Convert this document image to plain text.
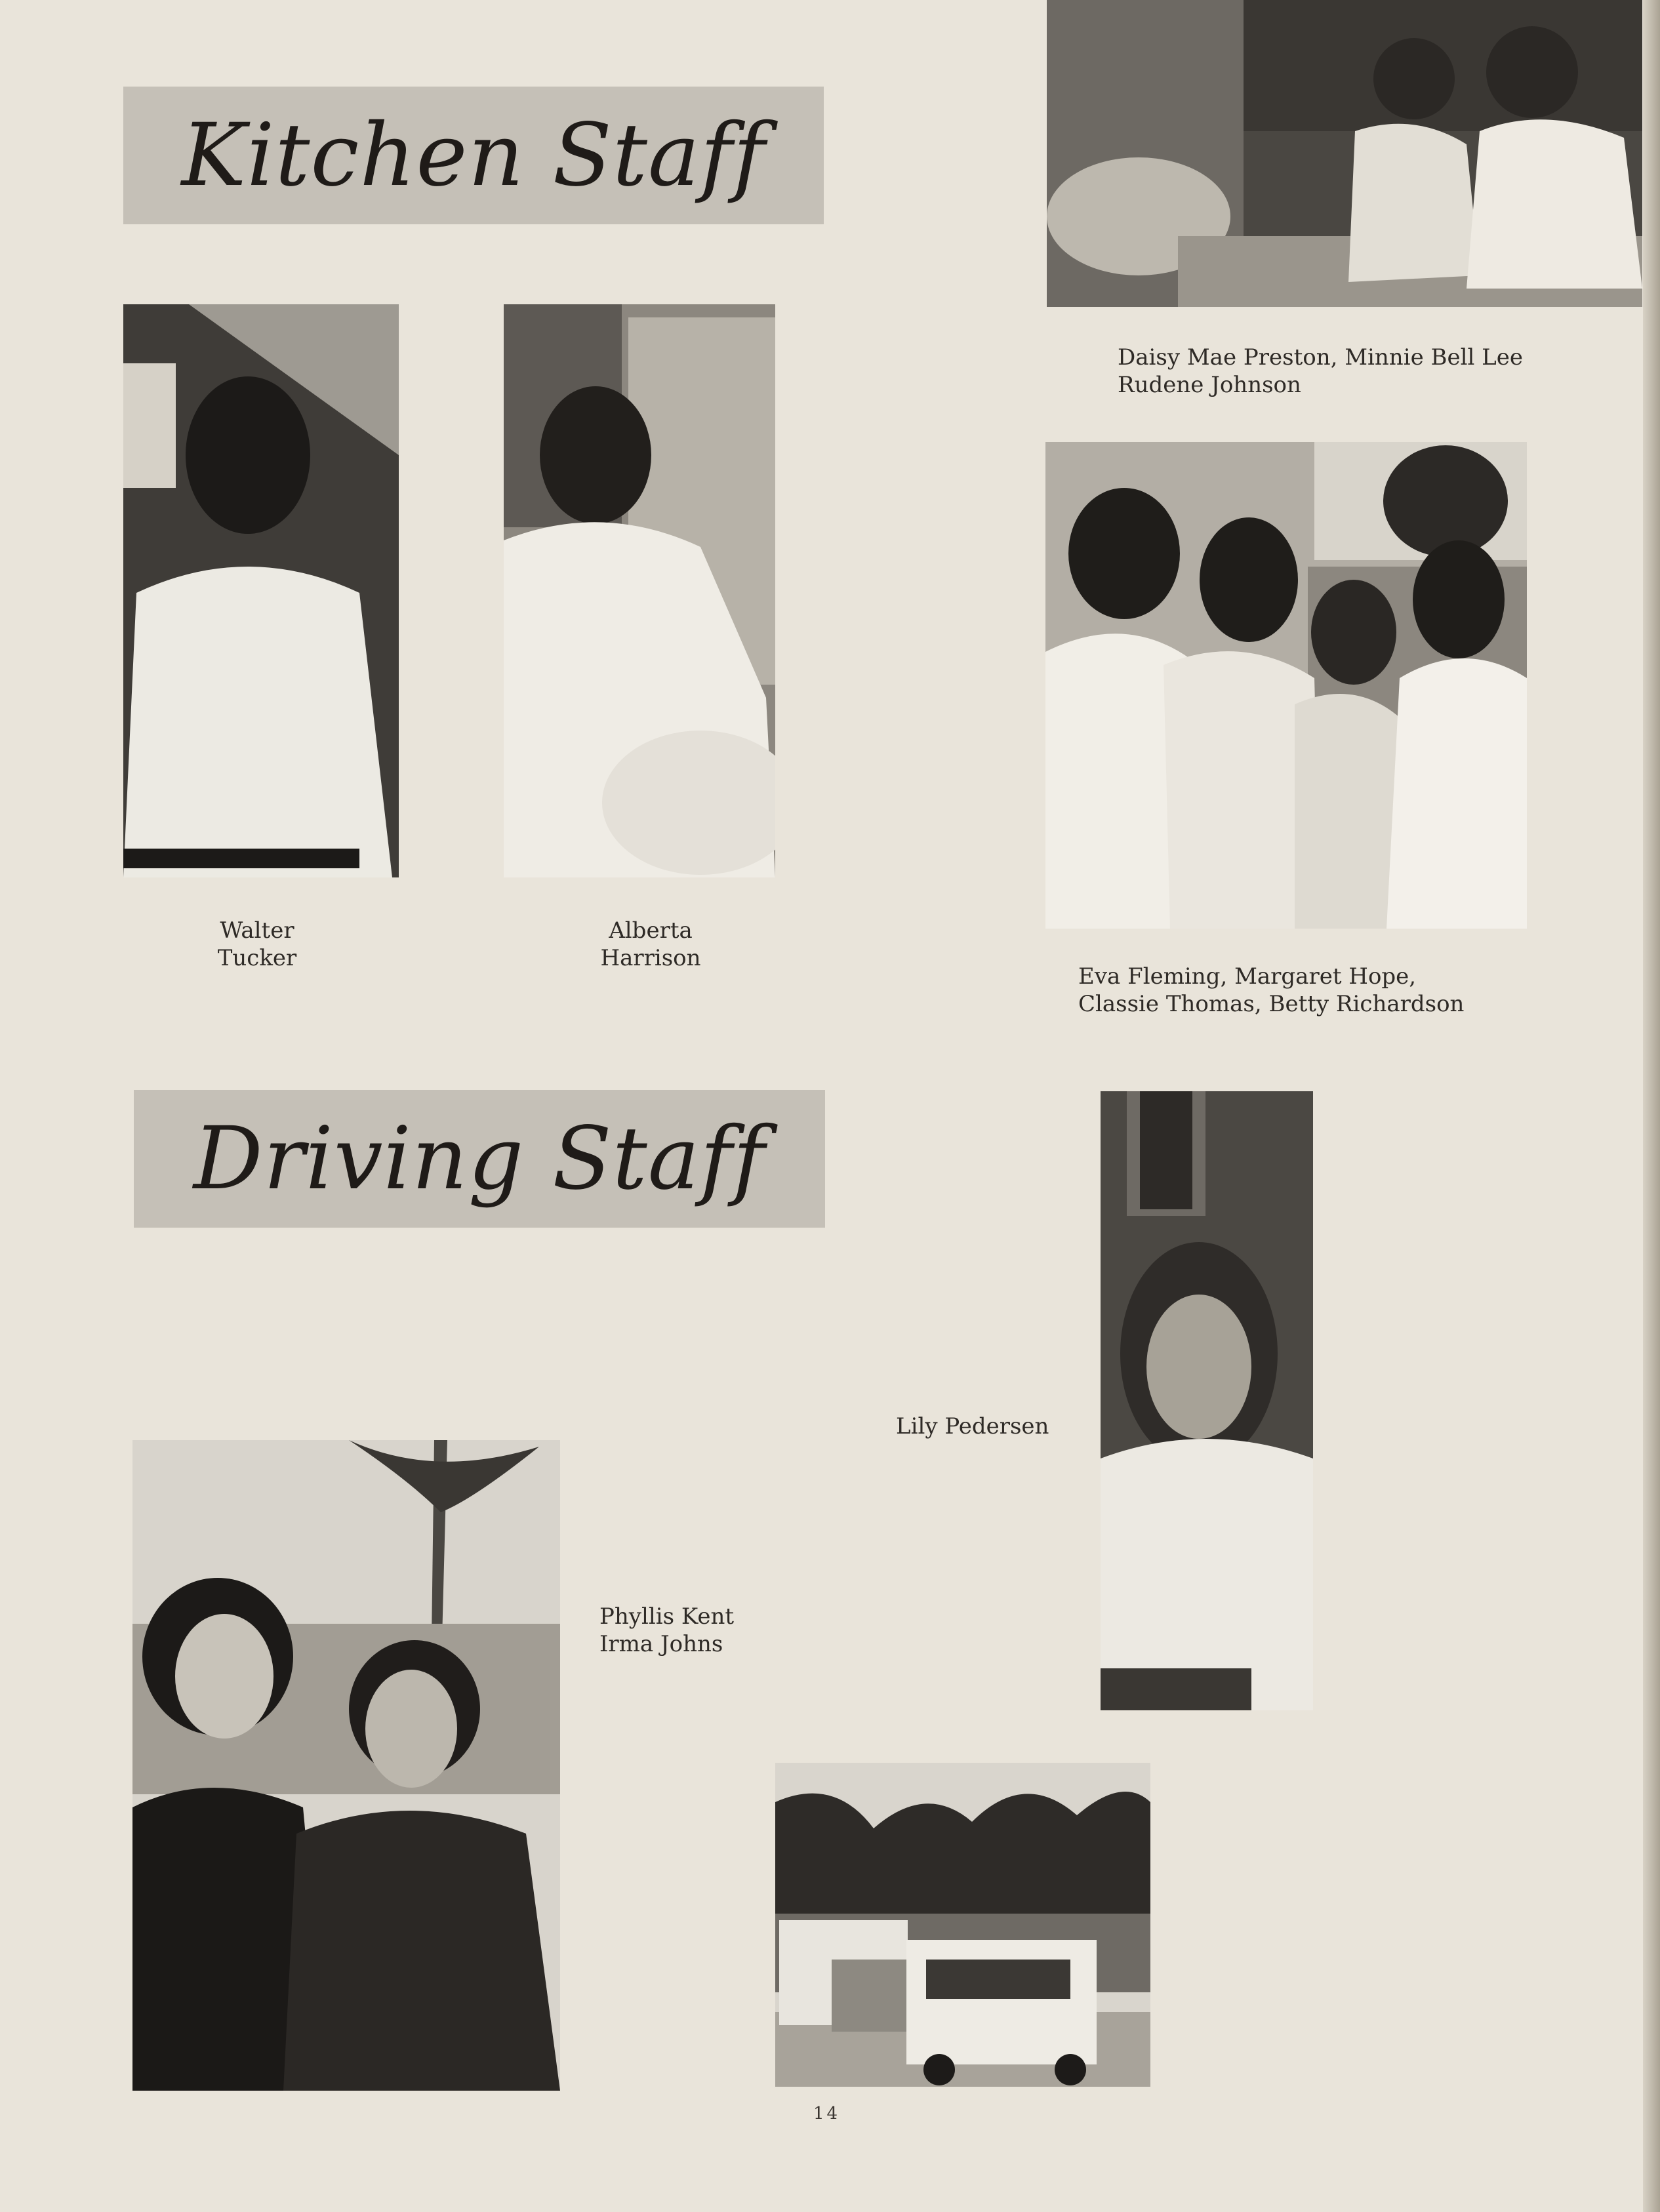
Kitchen Staff
Daisy Mae Preston, Minnie Bell Lee
Rudene Johnson
Walter
Tucker
Alberta
Harrison
Eva Fleming, Margaret Hope,
Classie Thomas, Betty Richardson
Driving Staff
Lily Pedersen
Phyllis Kent
Irma Johns
14
